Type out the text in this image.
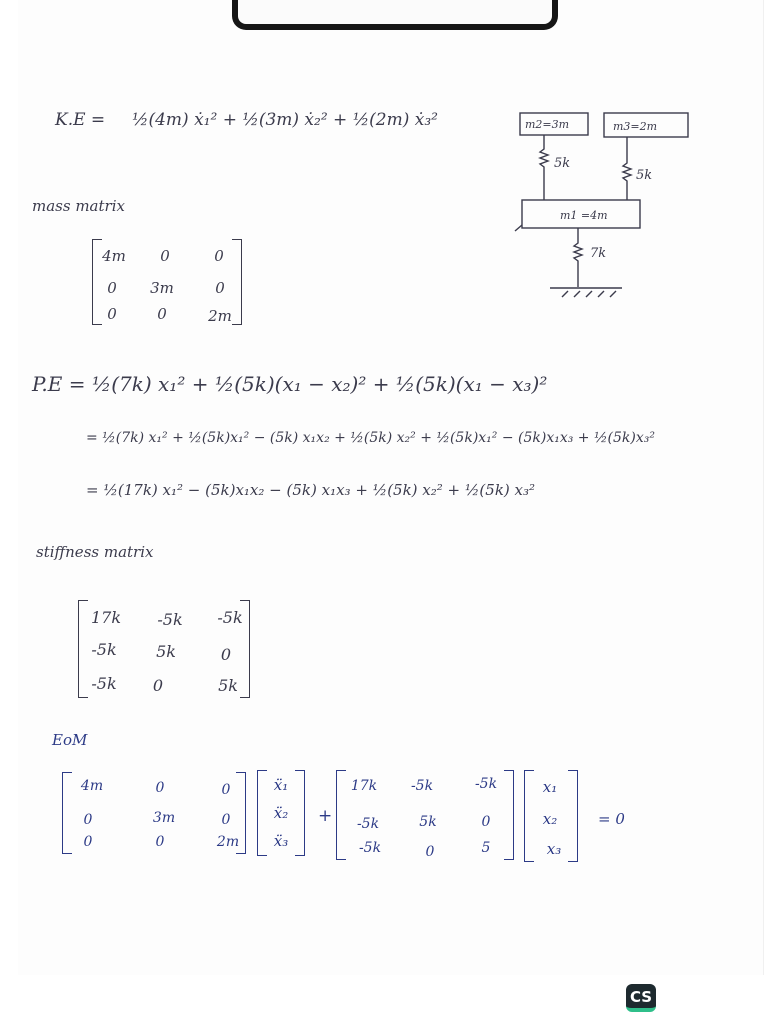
K.E = ½(4m) ẋ₁² + ½(3m) ẋ₂² + ½(2m) ẋ₃²
mass matrix
4m 0	0
0 3m	0
0	0	2m
m2=3m	m3=2m
m1 =4m
5k
5k
7k
P.E = ½(7k) x₁² + ½(5k)(x₁ − x₂)² + ½(5k)(x₁ − x₃)²
= ½(7k) x₁² + ½(5k)x₁² − (5k) x₁x₂ + ½(5k) x₂² + ½(5k)x₁² − (5k)x₁x₃ + ½(5k)x₃²
= ½(17k) x₁² − (5k)x₁x₂ − (5k) x₁x₃ + ½(5k) x₂² + ½(5k) x₃²
stiffness matrix
17k -5k -5k
-5k 5k	0
-5k 0	5k
EoM
4m	0	0
0	3m	0
0	0	2m
ẍ₁
ẍ₂
ẍ₃
+
17k -5k	-5k
-5k	5k	0
-5k	0	5
x₁
x₂
x₃
= 0
CS
